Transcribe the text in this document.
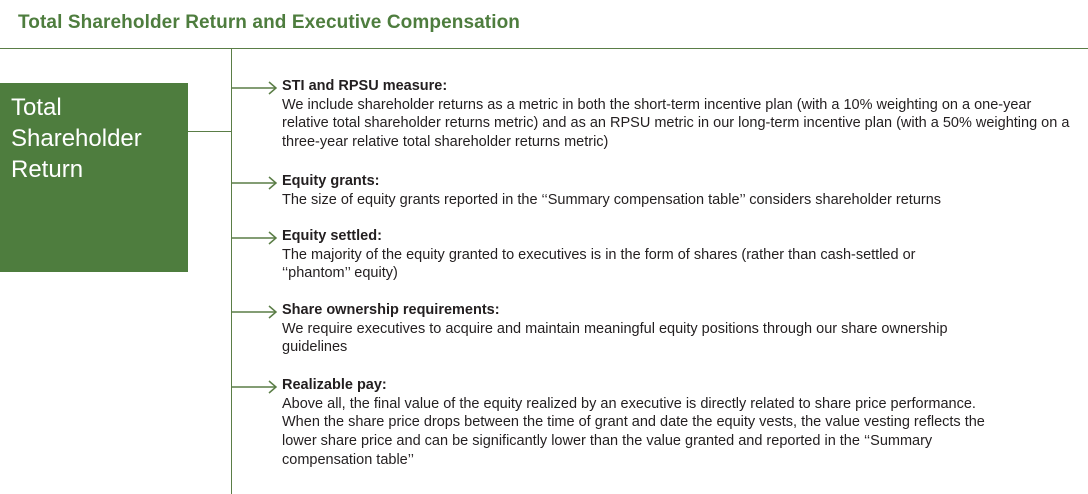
Total Shareholder Return and Executive Compensation
Total
Shareholder
Return
STI and RPSU measure:
We include shareholder returns as a metric in both the short-term incentive plan (with a 10% weighting on a one-year relative total shareholder returns metric) and as an RPSU metric in our long-term incentive plan (with a 50% weighting on a three-year relative total shareholder returns metric)
Equity grants:
The size of equity grants reported in the ‘‘Summary compensation table’’ considers shareholder returns
Equity settled:
The majority of the equity granted to executives is in the form of shares (rather than cash-settled or ‘‘phantom’’ equity)
Share ownership requirements:
We require executives to acquire and maintain meaningful equity positions through our share ownership guidelines
Realizable pay:
Above all, the final value of the equity realized by an executive is directly related to share price performance. When the share price drops between the time of grant and date the equity vests, the value vesting reflects the lower share price and can be significantly lower than the value granted and reported in the ‘‘Summary compensation table’’
